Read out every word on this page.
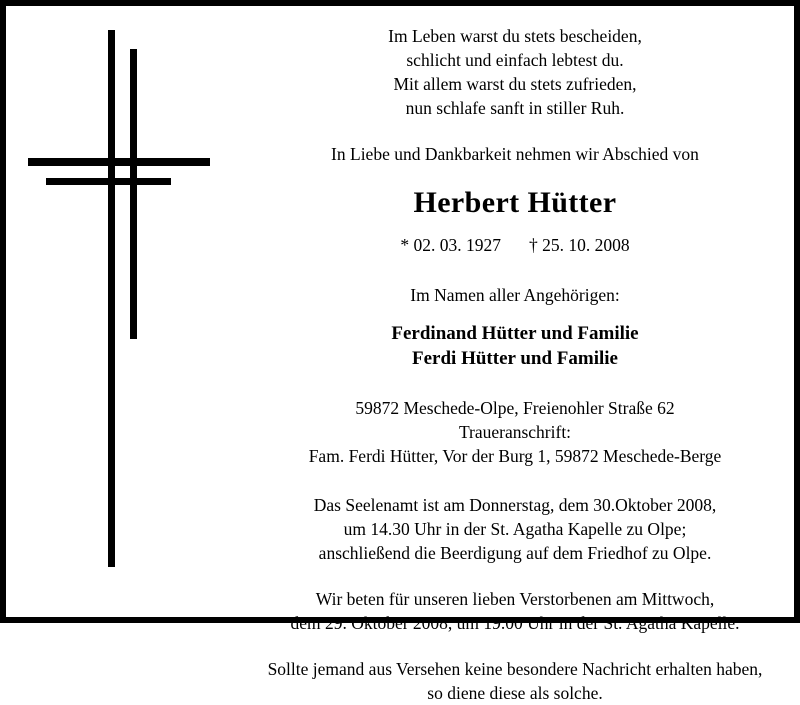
Im Leben warst du stets bescheiden,
schlicht und einfach lebtest du.
Mit allem warst du stets zufrieden,
nun schlafe sanft in stiller Ruh.
In Liebe und Dankbarkeit nehmen wir Abschied von
Herbert Hütter
* 02. 03. 1927 † 25. 10. 2008
Im Namen aller Angehörigen:
Ferdinand Hütter und Familie
Ferdi Hütter und Familie
59872 Meschede-Olpe, Freienohler Straße 62
Traueranschrift:
Fam. Ferdi Hütter, Vor der Burg 1, 59872 Meschede-Berge
Das Seelenamt ist am Donnerstag, dem 30.Oktober 2008,
um 14.30 Uhr in der St. Agatha Kapelle zu Olpe;
anschließend die Beerdigung auf dem Friedhof zu Olpe.
Wir beten für unseren lieben Verstorbenen am Mittwoch,
dem 29. Oktober 2008, um 19.00 Uhr in der St. Agatha Kapelle.
Sollte jemand aus Versehen keine besondere Nachricht erhalten haben,
so diene diese als solche.
